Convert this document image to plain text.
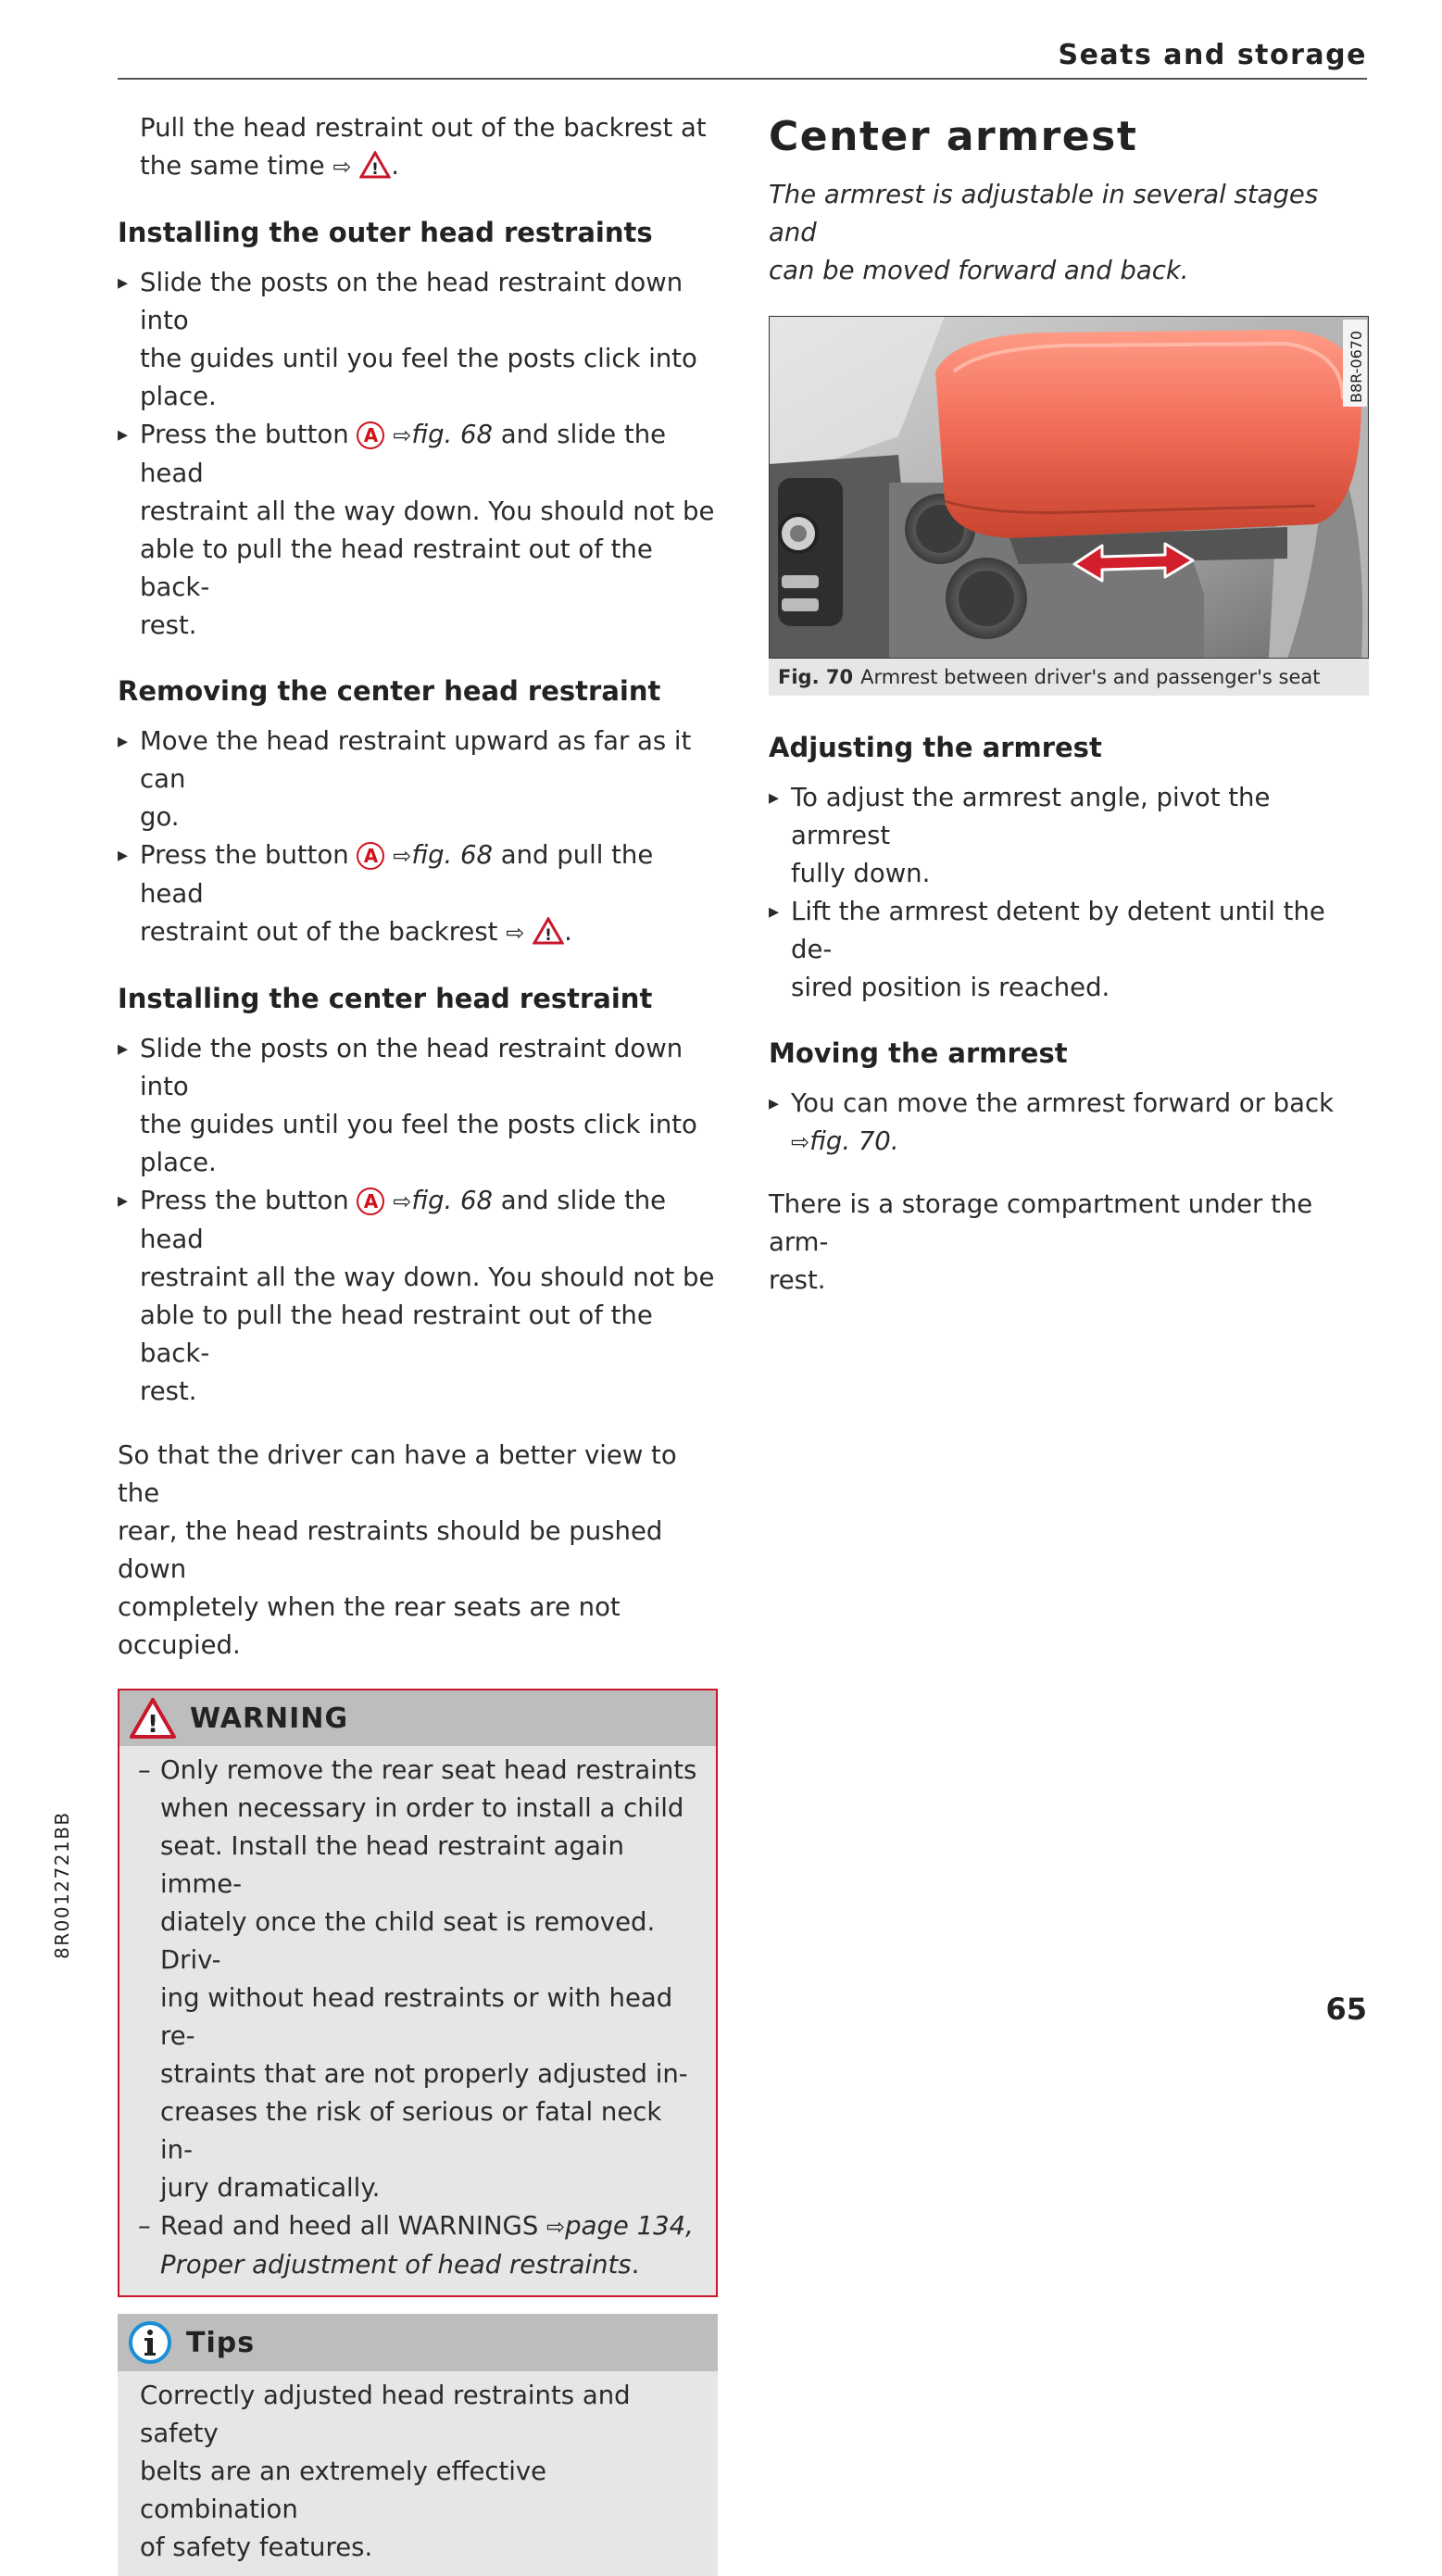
Seats and storage

Pull the head restraint out of the backrest at
the same time ⇨ ! .

Installing the outer head restraints
▸ Slide the posts on the head restraint down into
the guides until you feel the posts click into
place.
▸ Press the button A ⇨fig. 68 and slide the head
restraint all the way down. You should not be
able to pull the head restraint out of the back-
rest.
Removing the center head restraint
▸ Move the head restraint upward as far as it can
go.
▸ Press the button A ⇨fig. 68 and pull the head
restraint out of the backrest ⇨ ! .
Installing the center head restraint
▸ Slide the posts on the head restraint down into
the guides until you feel the posts click into
place.
▸ Press the button A ⇨fig. 68 and slide the head
restraint all the way down. You should not be
able to pull the head restraint out of the back-
rest.

So that the driver can have a better view to the
rear, the head restraints should be pushed down
completely when the rear seats are not occupied.

! WARNING
– Only remove the rear seat head restraints
when necessary in order to install a child
seat. Install the head restraint again imme-
diately once the child seat is removed. Driv-
ing without head restraints or with head re-
straints that are not properly adjusted in-
creases the risk of serious or fatal neck in-
jury dramatically.
– Read and heed all WARNINGS ⇨page 134,
Proper adjustment of head restraints.
Tips
Correctly adjusted head restraints and safety
belts are an extremely effective combination
of safety features.
Center armrest

The armrest is adjustable in several stages and
can be moved forward and back.

B8R-0670
Fig. 70 Armrest between driver's and passenger's seat
Adjusting the armrest
▸ To adjust the armrest angle, pivot the armrest
fully down.
▸ Lift the armrest detent by detent until the de-
sired position is reached.
Moving the armrest
▸ You can move the armrest forward or back
⇨fig. 70.

There is a storage compartment under the arm-
rest.

8R0012721BB
65
